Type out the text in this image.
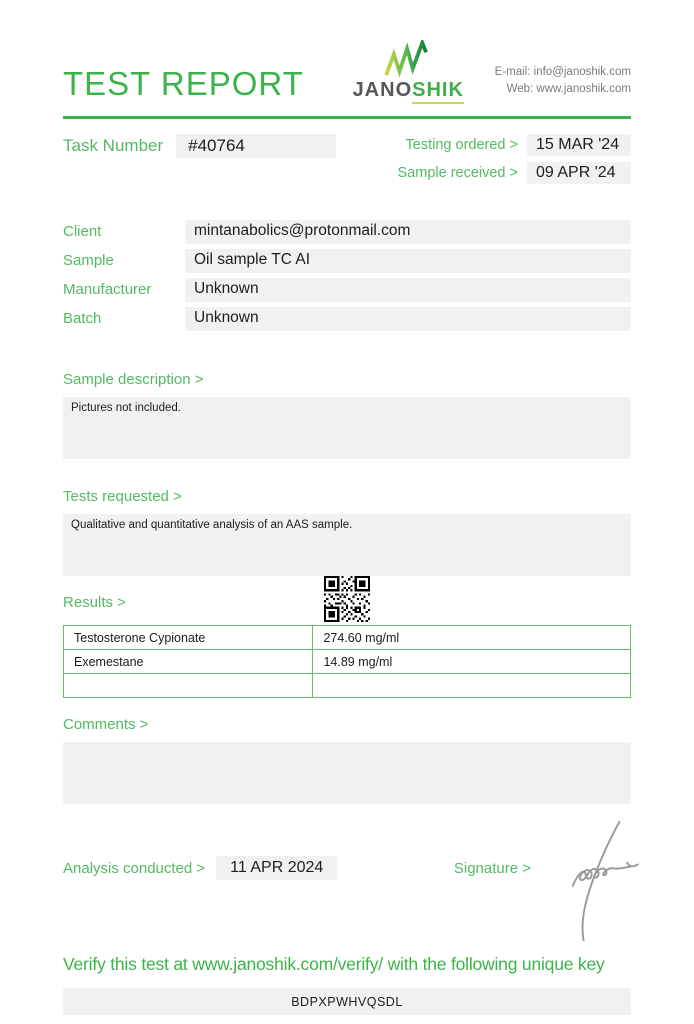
TEST REPORT JANOSHIK
E-mail: info@janoshik.com
Web: www.janoshik.com
Task Number	#40764	Testing ordered >	15 MAR '24
Sample received >	09 APR '24
Client	mintanabolics@protonmail.com
Sample	Oil sample TC AI
Manufacturer	Unknown
Batch	Unknown
Sample description >
Pictures not included.
Tests requested >
Qualitative and quantitative analysis of an AAS sample.
Results >
Testosterone Cypionate	274.60 mg/ml
Exemestane	14.89 mg/ml

Comments >
Analysis conducted >	11 APR 2024	Signature >
Verify this test at www.janoshik.com/verify/ with the following unique key
BDPXPWHVQSDL
